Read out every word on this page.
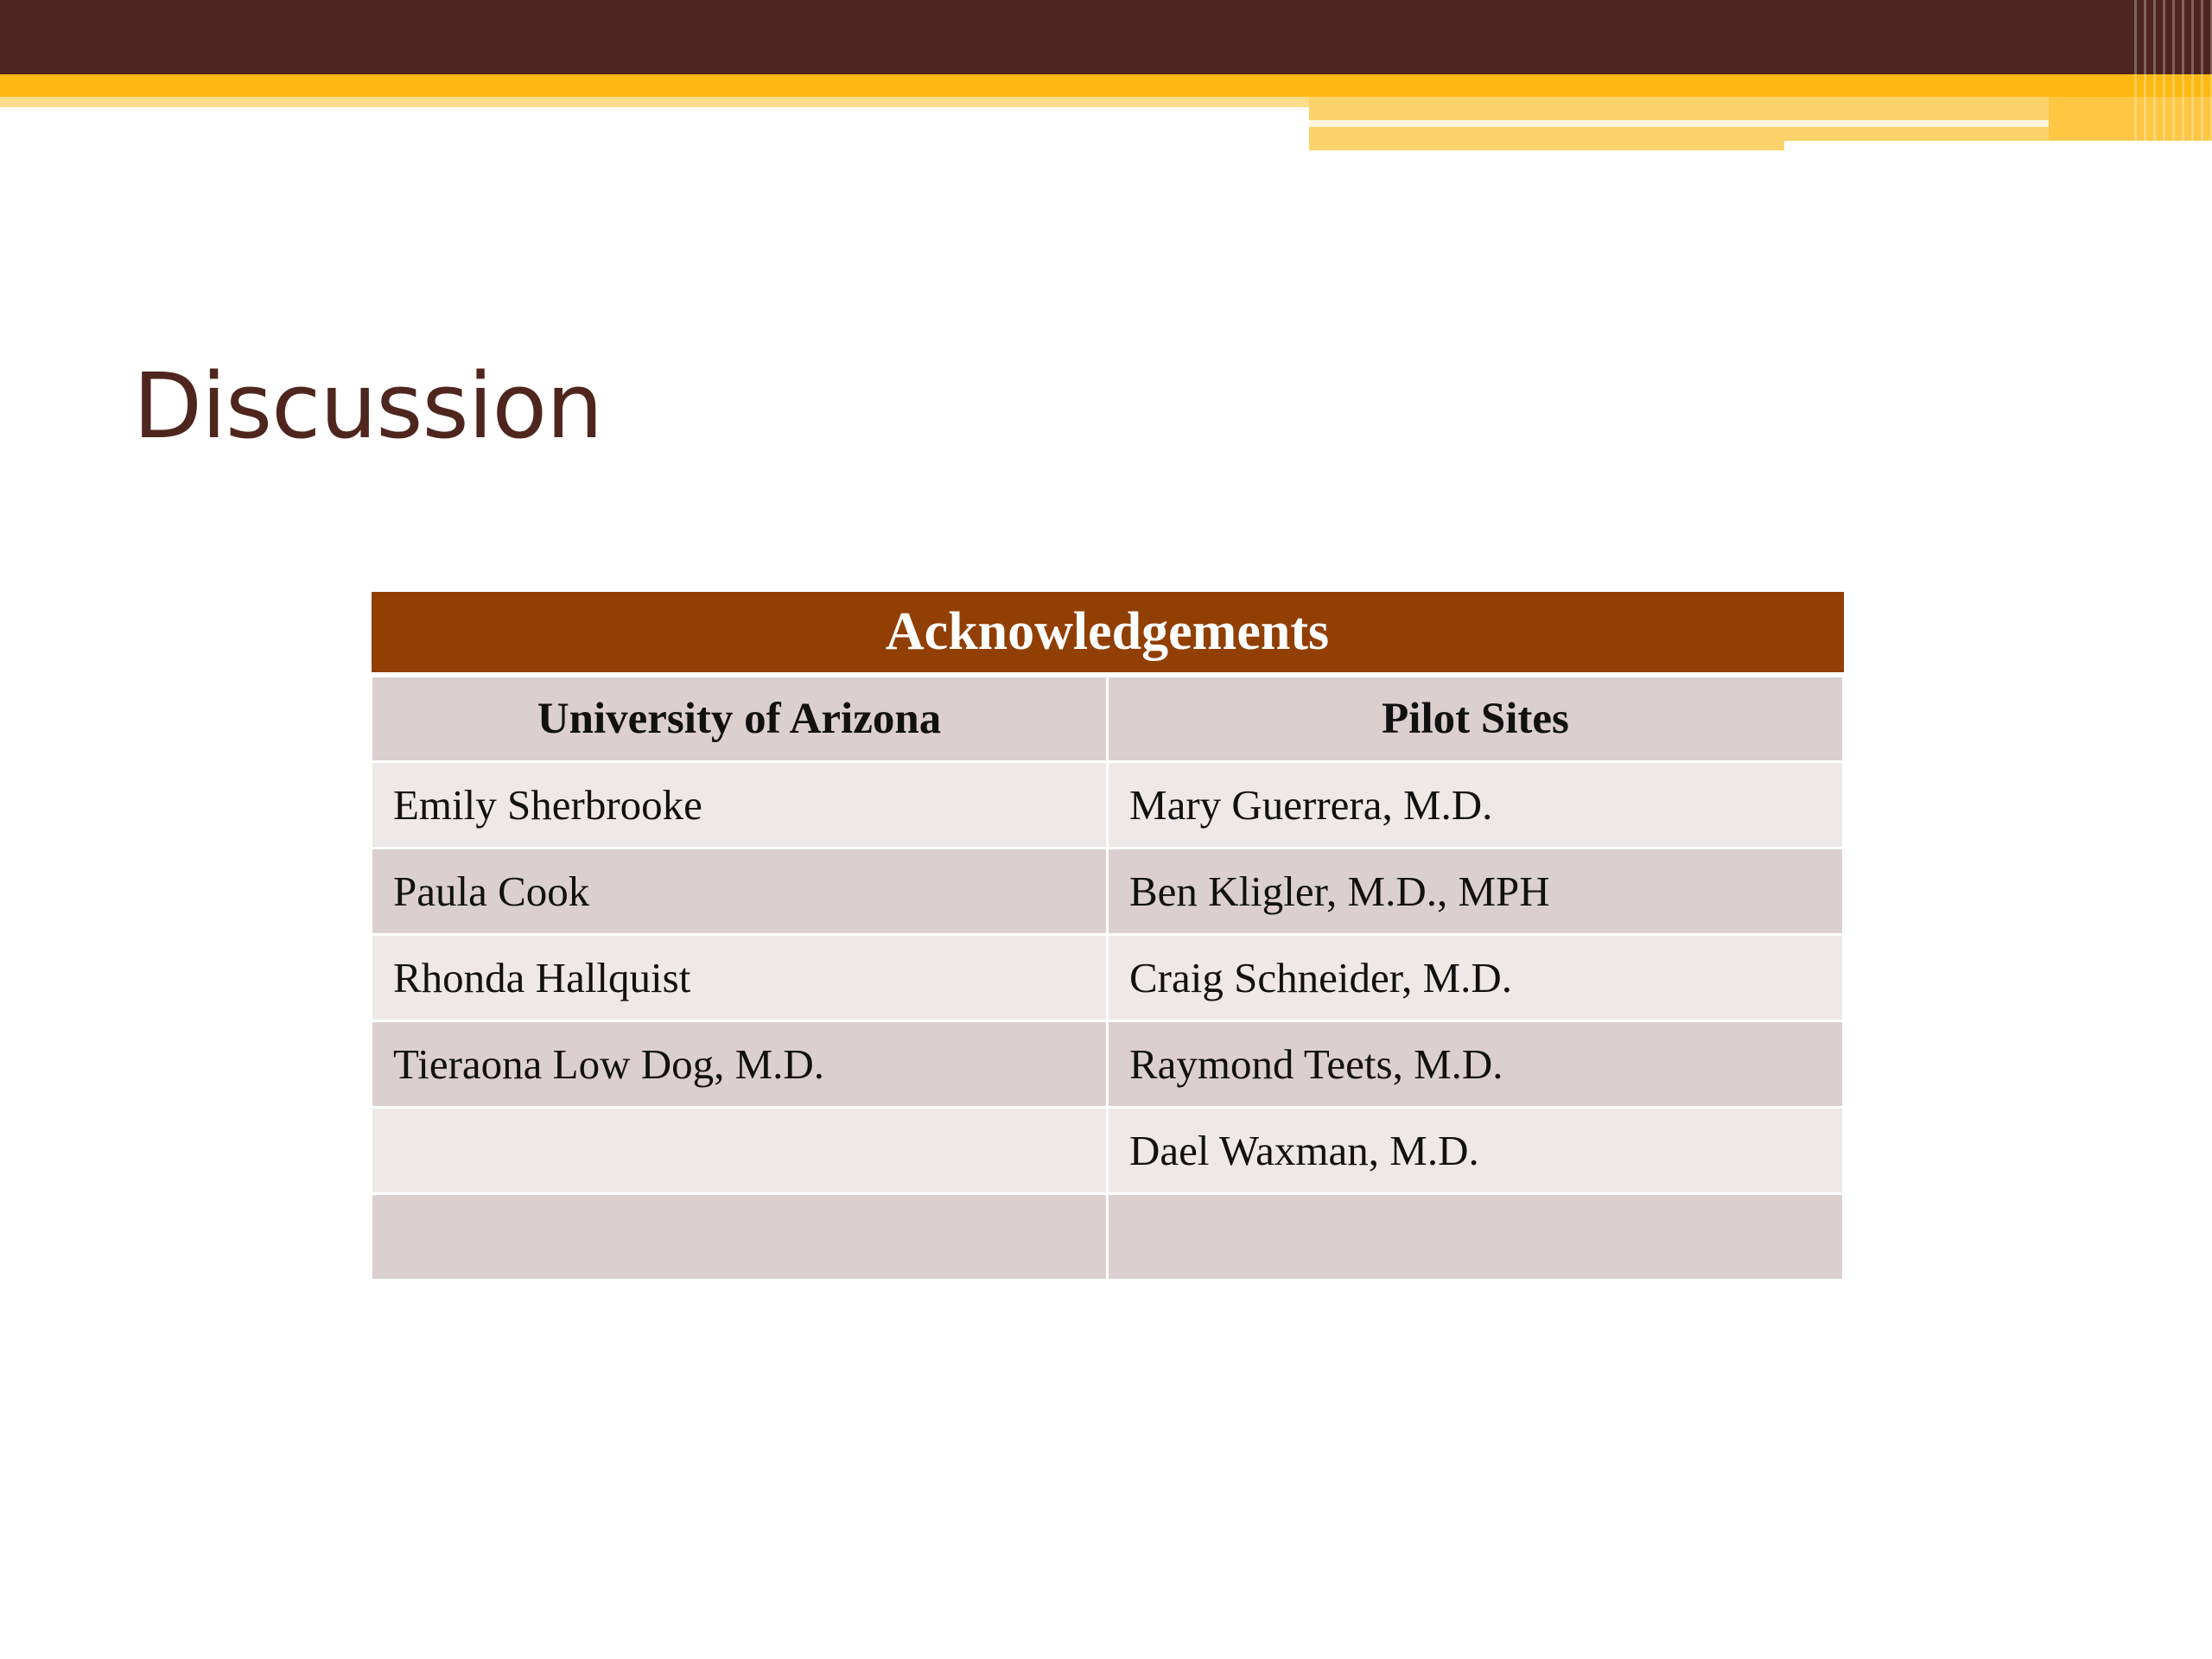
Discussion
Acknowledgements	
University of Arizona	Pilot Sites
Emily Sherbrooke	Mary Guerrera, M.D.
Paula Cook	Ben Kligler, M.D., MPH
Rhonda Hallquist	Craig Schneider, M.D.
Tieraona Low Dog, M.D.	Raymond Teets, M.D.
	Dael Waxman, M.D.
